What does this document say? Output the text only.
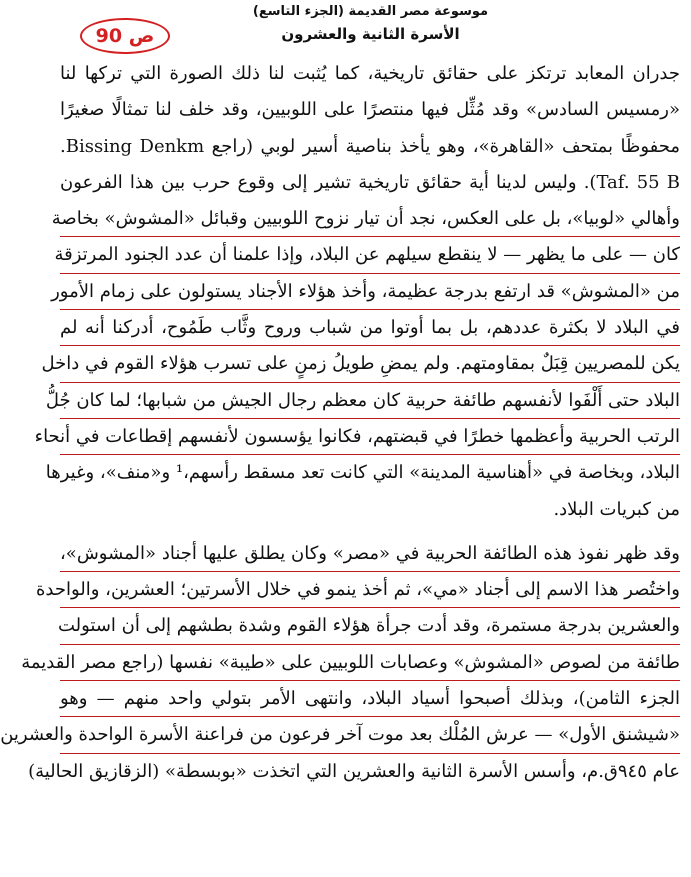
موسوعة مصر القديمة (الجزء التاسع)
الأسرة الثانية والعشرون
ص 90
جدران المعابد ترتكز على حقائق تاريخية، كما يُثبت لنا ذلك الصورة التي تركها لنا
«رمسيس السادس» وقد مُثِّل فيها منتصرًا على اللوبيين، وقد خلف لنا تمثالًا صغيرًا
محفوظًا بمتحف «القاهرة»، وهو يأخذ بناصية أسير لوبي (راجع Bissing Denkm.
Taf. 55 B). وليس لدينا أية حقائق تاريخية تشير إلى وقوع حرب بين هذا الفرعون
وأهالي «لوبيا»، بل على العكس، نجد أن تيار نزوح اللوبيين وقبائل «المشوش» بخاصة
كان — على ما يظهر — لا ينقطع سيلهم عن البلاد، وإذا علمنا أن عدد الجنود المرتزقة
من «المشوش» قد ارتفع بدرجة عظيمة، وأخذ هؤلاء الأجناد يستولون على زمام الأمور
في البلاد لا بكثرة عددهم، بل بما أوتوا من شباب وروح وثَّاب طَمُوح، أدركنا أنه لم
يكن للمصريين قِبَلٌ بمقاومتهم. ولم يمضِ طويلُ زمنٍ على تسرب هؤلاء القوم في داخل
البلاد حتى أَلْفَوا لأنفسهم طائفة حربية كان معظم رجال الجيش من شبابها؛ لما كان جُلُّ
الرتب الحربية وأعظمها خطرًا في قبضتهم، فكانوا يؤسسون لأنفسهم إقطاعات في أنحاء
البلاد، وبخاصة في «أهناسية المدينة» التي كانت تعد مسقط رأسهم،¹ و«منف»، وغيرها
من كبريات البلاد.
وقد ظهر نفوذ هذه الطائفة الحربية في «مصر» وكان يطلق عليها أجناد «المشوش»،
واختُصر هذا الاسم إلى أجناد «مي»، ثم أخذ ينمو في خلال الأسرتين؛ العشرين، والواحدة
والعشرين بدرجة مستمرة، وقد أدت جرأة هؤلاء القوم وشدة بطشهم إلى أن استولت
طائفة من لصوص «المشوش» وعصابات اللوبيين على «طيبة» نفسها (راجع مصر القديمة
الجزء الثامن)، وبذلك أصبحوا أسياد البلاد، وانتهى الأمر بتولي واحد منهم — وهو
«شيشنق الأول» — عرش المُلْك بعد موت آخر فرعون من فراعنة الأسرة الواحدة والعشرين
عام ٩٤٥ق.م، وأسس الأسرة الثانية والعشرين التي اتخذت «بوبسطة» (الزقازيق الحالية)
